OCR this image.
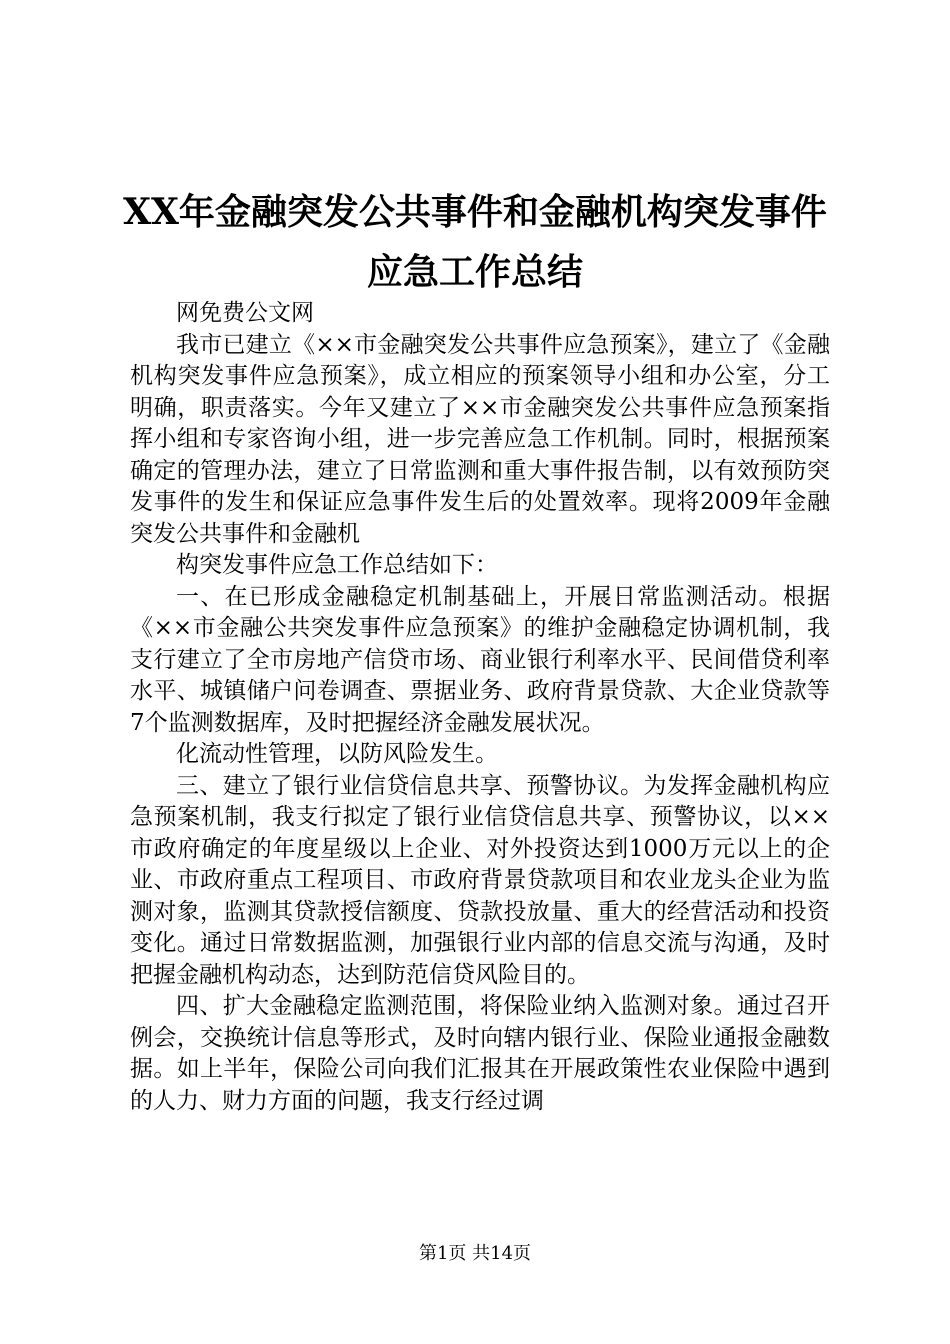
XX年金融突发公共事件和金融机构突发事件
应急工作总结

网免费公文网

我市已建立《××市金融突发公共事件应急预案》，建立了《金融机构突发事件应急预案》，成立相应的预案领导小组和办公室，分工明确，职责落实。今年又建立了××市金融突发公共事件应急预案指挥小组和专家咨询小组，进一步完善应急工作机制。同时，根据预案确定的管理办法，建立了日常监测和重大事件报告制，以有效预防突发事件的发生和保证应急事件发生后的处置效率。现将2009年金融突发公共事件和金融机

构突发事件应急工作总结如下：

一、在已形成金融稳定机制基础上，开展日常监测活动。根据《××市金融公共突发事件应急预案》的维护金融稳定协调机制，我支行建立了全市房地产信贷市场、商业银行利率水平、民间借贷利率水平、城镇储户问卷调查、票据业务、政府背景贷款、大企业贷款等7个监测数据库，及时把握经济金融发展状况。

化流动性管理，以防风险发生。

三、建立了银行业信贷信息共享、预警协议。为发挥金融机构应急预案机制，我支行拟定了银行业信贷信息共享、预警协议，以××市政府确定的年度星级以上企业、对外投资达到1000万元以上的企业、市政府重点工程项目、市政府背景贷款项目和农业龙头企业为监测对象，监测其贷款授信额度、贷款投放量、重大的经营活动和投资变化。通过日常数据监测，加强银行业内部的信息交流与沟通，及时把握金融机构动态，达到防范信贷风险目的。

四、扩大金融稳定监测范围，将保险业纳入监测对象。通过召开例会，交换统计信息等形式，及时向辖内银行业、保险业通报金融数据。如上半年，保险公司向我们汇报其在开展政策性农业保险中遇到的人力、财力方面的问题，我支行经过调

第1页 共14页
